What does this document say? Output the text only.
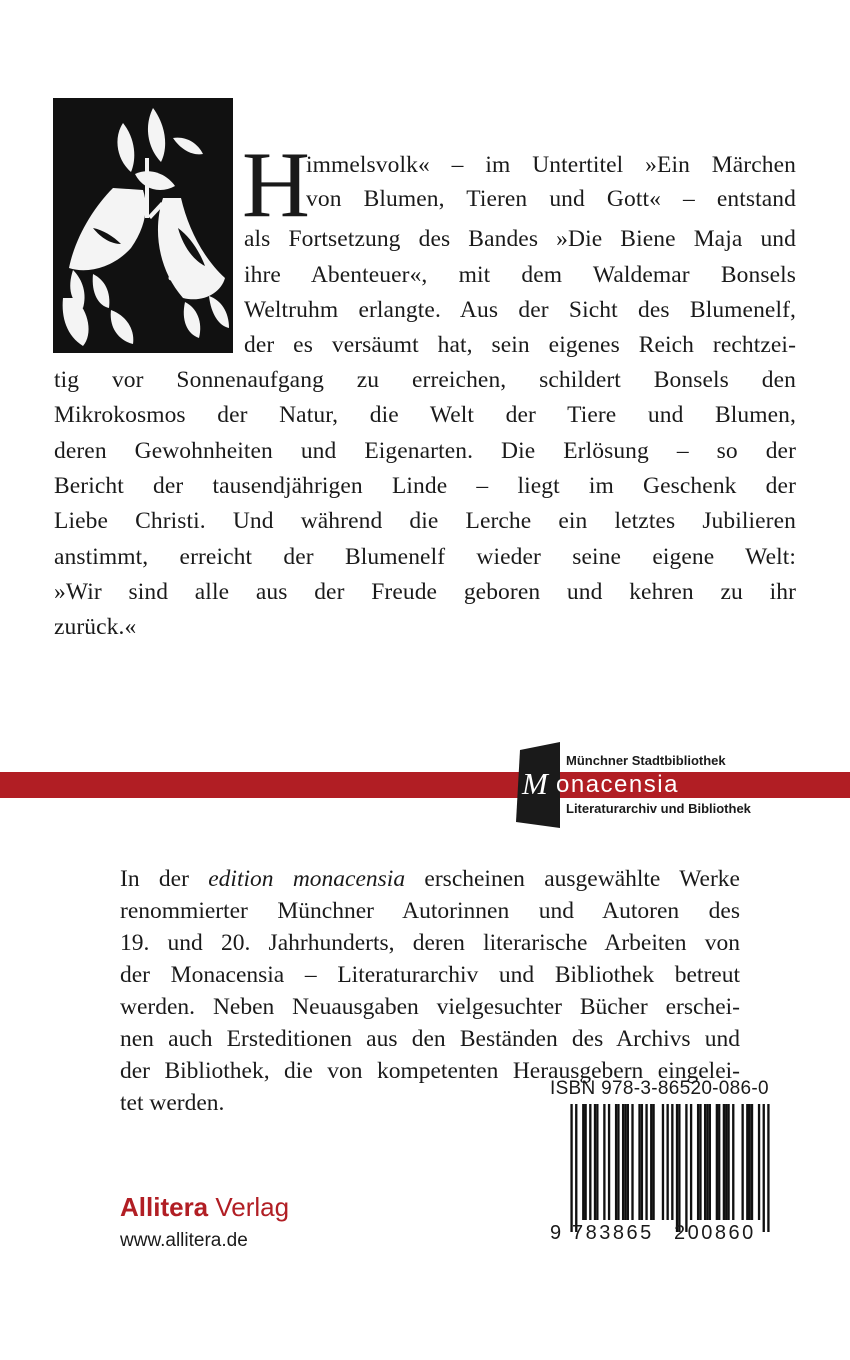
H
immelsvolk« – im Untertitel »Ein Märchen
von Blumen, Tieren und Gott« – entstand
als Fortsetzung des Bandes »Die Biene Maja und
ihre Abenteuer«, mit dem Waldemar Bonsels
Weltruhm erlangte. Aus der Sicht des Blumenelf,
der es versäumt hat, sein eigenes Reich rechtzei-
tig vor Sonnenaufgang zu erreichen, schildert Bonsels den
Mikrokosmos der Natur, die Welt der Tiere und Blumen,
deren Gewohnheiten und Eigenarten. Die Erlösung – so der
Bericht der tausendjährigen Linde – liegt im Geschenk der
Liebe Christi. Und während die Lerche ein letztes Jubilieren
anstimmt, erreicht der Blumenelf wieder seine eigene Welt:
»Wir sind alle aus der Freude geboren und kehren zu ihr
zurück.«
Münchner Stadtbibliothek
M onacensia
Literaturarchiv und Bibliothek
In der edition monacensia erscheinen ausgewählte Werke
renommierter Münchner Autorinnen und Autoren des
19. und 20. Jahrhunderts, deren literarische Arbeiten von
der Monacensia – Literaturarchiv und Bibliothek betreut
werden. Neben Neuausgaben vielgesuchter Bücher erschei-
nen auch Ersteditionen aus den Beständen des Archivs und
der Bibliothek, die von kompetenten Herausgebern eingelei-
tet werden.
Allitera Verlag
www.allitera.de
ISBN 978-3-86520-086-0
9 783865 200860
